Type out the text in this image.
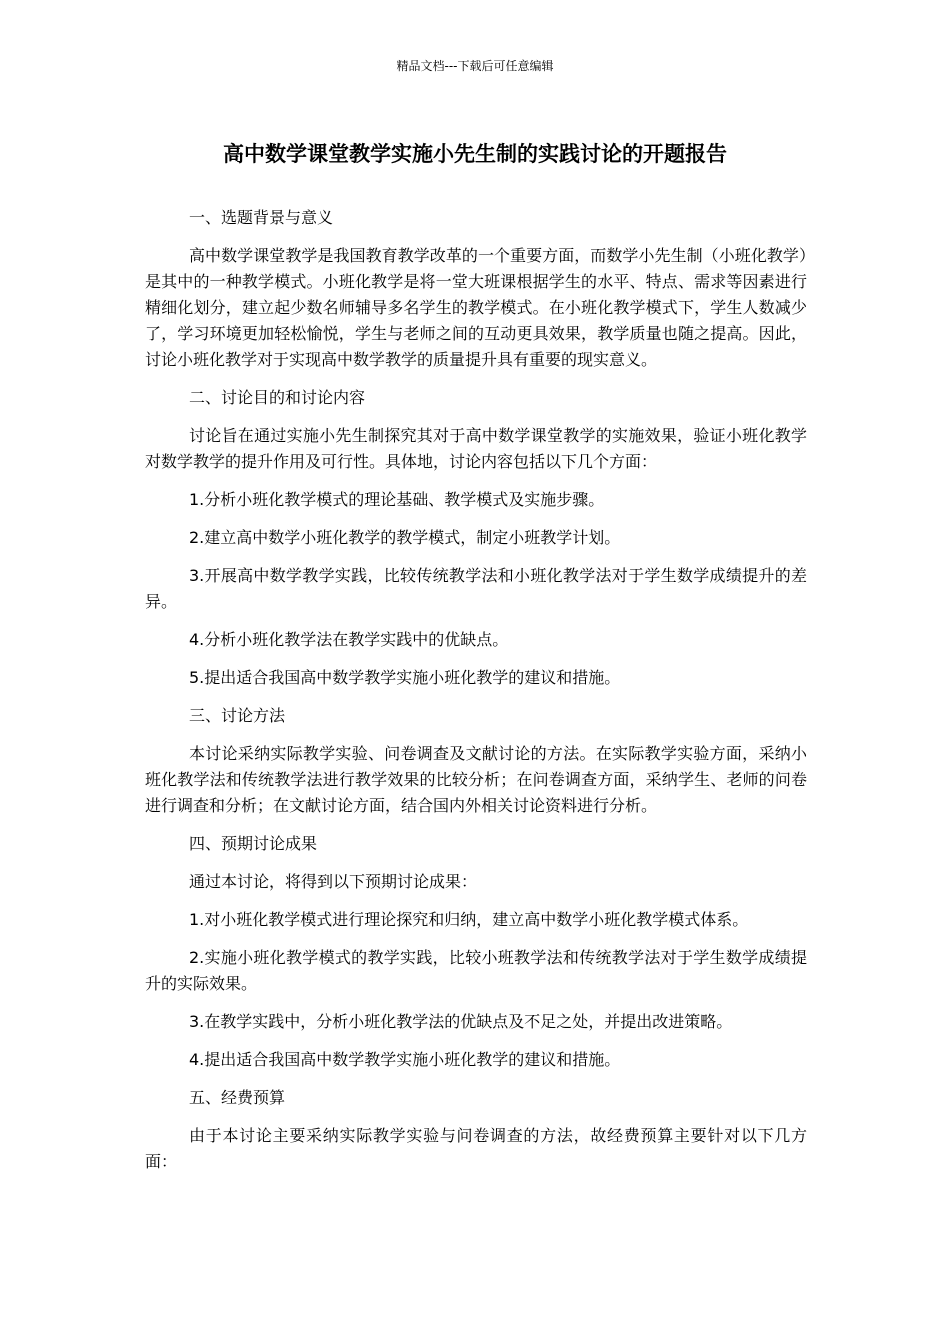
精品文档---下载后可任意编辑
高中数学课堂教学实施小先生制的实践讨论的开题报告

一、选题背景与意义

高中数学课堂教学是我国教育教学改革的一个重要方面，而数学小先生制（小班化教学）是其中的一种教学模式。小班化教学是将一堂大班课根据学生的水平、特点、需求等因素进行精细化划分，建立起少数名师辅导多名学生的教学模式。在小班化教学模式下，学生人数减少了，学习环境更加轻松愉悦，学生与老师之间的互动更具效果，教学质量也随之提高。因此，讨论小班化教学对于实现高中数学教学的质量提升具有重要的现实意义。

二、讨论目的和讨论内容

讨论旨在通过实施小先生制探究其对于高中数学课堂教学的实施效果，验证小班化教学对数学教学的提升作用及可行性。具体地，讨论内容包括以下几个方面：

1.分析小班化教学模式的理论基础、教学模式及实施步骤。

2.建立高中数学小班化教学的教学模式，制定小班教学计划。

3.开展高中数学教学实践，比较传统教学法和小班化教学法对于学生数学成绩提升的差异。

4.分析小班化教学法在教学实践中的优缺点。

5.提出适合我国高中数学教学实施小班化教学的建议和措施。

三、讨论方法

本讨论采纳实际教学实验、问卷调查及文献讨论的方法。在实际教学实验方面，采纳小班化教学法和传统教学法进行教学效果的比较分析；在问卷调查方面，采纳学生、老师的问卷进行调查和分析；在文献讨论方面，结合国内外相关讨论资料进行分析。

四、预期讨论成果

通过本讨论，将得到以下预期讨论成果：

1.对小班化教学模式进行理论探究和归纳，建立高中数学小班化教学模式体系。

2.实施小班化教学模式的教学实践，比较小班教学法和传统教学法对于学生数学成绩提升的实际效果。

3.在教学实践中，分析小班化教学法的优缺点及不足之处，并提出改进策略。

4.提出适合我国高中数学教学实施小班化教学的建议和措施。

五、经费预算

由于本讨论主要采纳实际教学实验与问卷调查的方法，故经费预算主要针对以下几方面：
